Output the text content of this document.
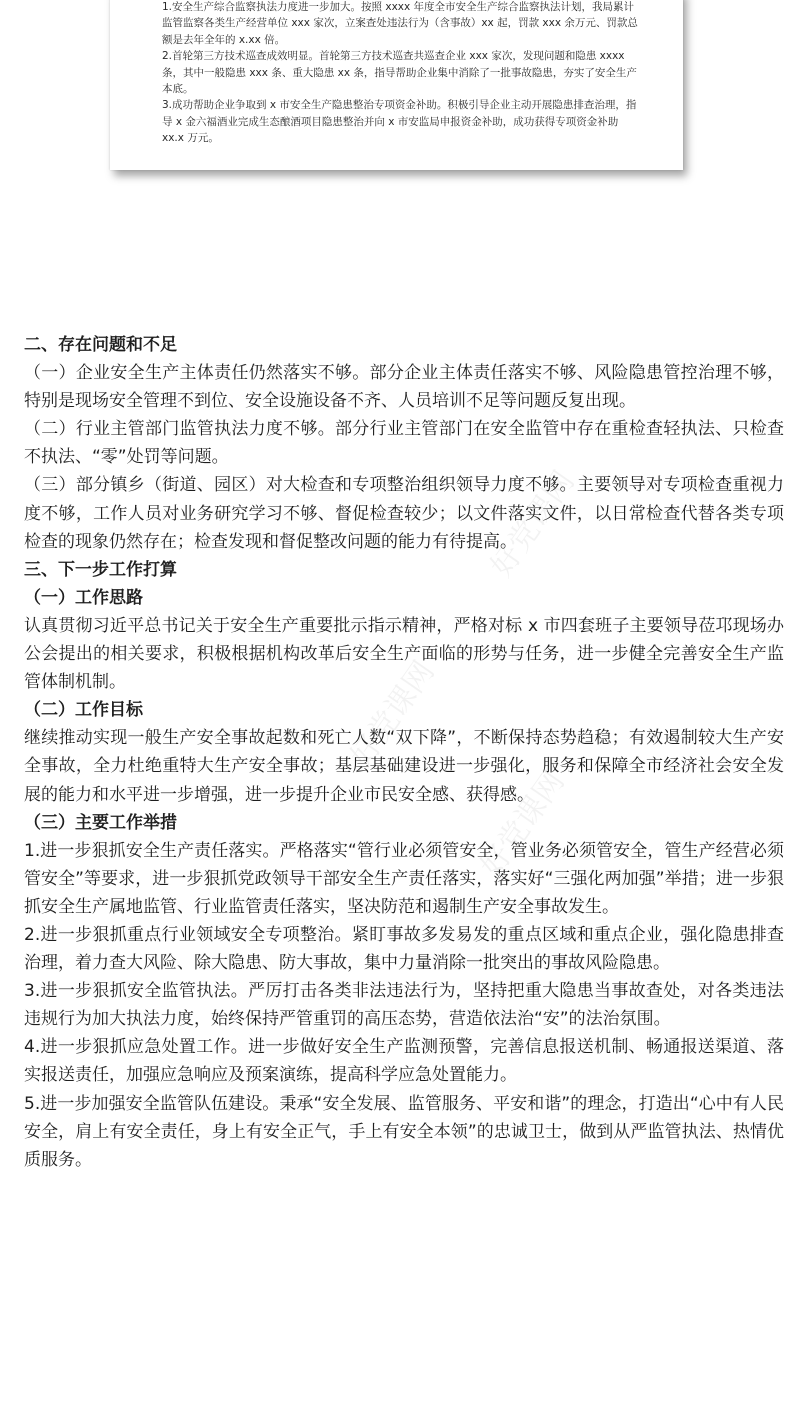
1.安全生产综合监察执法力度进一步加大。按照 xxxx 年度全市安全生产综合监察执法计划，我局累计监管监察各类生产经营单位 xxx 家次，立案查处违法行为（含事故）xx 起，罚款 xxx 余万元、罚款总额是去年全年的 x.xx 倍。

2.首轮第三方技术巡查成效明显。首轮第三方技术巡查共巡查企业 xxx 家次，发现问题和隐患 xxxx 条，其中一般隐患 xxx 条、重大隐患 xx 条，指导帮助企业集中消除了一批事故隐患，夯实了安全生产本底。

3.成功帮助企业争取到 x 市安全生产隐患整治专项资金补助。积极引导企业主动开展隐患排查治理，指导 x 金六福酒业完成生态酿酒项目隐患整治并向 x 市安监局申报资金补助，成功获得专项资金补助 xx.x 万元。

好党课网
好党课网
好党课网

二、存在问题和不足

（一）企业安全生产主体责任仍然落实不够。部分企业主体责任落实不够、风险隐患管控治理不够，特别是现场安全管理不到位、安全设施设备不齐、人员培训不足等问题反复出现。

（二）行业主管部门监管执法力度不够。部分行业主管部门在安全监管中存在重检查轻执法、只检查不执法、“零”处罚等问题。

（三）部分镇乡（街道、园区）对大检查和专项整治组织领导力度不够。主要领导对专项检查重视力度不够，工作人员对业务研究学习不够、督促检查较少；以文件落实文件，以日常检查代替各类专项检查的现象仍然存在；检查发现和督促整改问题的能力有待提高。

三、下一步工作打算

（一）工作思路

认真贯彻习近平总书记关于安全生产重要批示指示精神，严格对标 x 市四套班子主要领导莅邛现场办公会提出的相关要求，积极根据机构改革后安全生产面临的形势与任务，进一步健全完善安全生产监管体制机制。

（二）工作目标

继续推动实现一般生产安全事故起数和死亡人数“双下降”，不断保持态势趋稳；有效遏制较大生产安全事故，全力杜绝重特大生产安全事故；基层基础建设进一步强化，服务和保障全市经济社会安全发展的能力和水平进一步增强，进一步提升企业市民安全感、获得感。

（三）主要工作举措

1.进一步狠抓安全生产责任落实。严格落实“管行业必须管安全，管业务必须管安全，管生产经营必须管安全”等要求，进一步狠抓党政领导干部安全生产责任落实，落实好“三强化两加强”举措；进一步狠抓安全生产属地监管、行业监管责任落实，坚决防范和遏制生产安全事故发生。

2.进一步狠抓重点行业领域安全专项整治。紧盯事故多发易发的重点区域和重点企业，强化隐患排查治理，着力查大风险、除大隐患、防大事故，集中力量消除一批突出的事故风险隐患。

3.进一步狠抓安全监管执法。严厉打击各类非法违法行为，坚持把重大隐患当事故查处，对各类违法违规行为加大执法力度，始终保持严管重罚的高压态势，营造依法治“安”的法治氛围。

4.进一步狠抓应急处置工作。进一步做好安全生产监测预警，完善信息报送机制、畅通报送渠道、落实报送责任，加强应急响应及预案演练，提高科学应急处置能力。

5.进一步加强安全监管队伍建设。秉承“安全发展、监管服务、平安和谐”的理念，打造出“心中有人民安全，肩上有安全责任，身上有安全正气，手上有安全本领”的忠诚卫士，做到从严监管执法、热情优质服务。
